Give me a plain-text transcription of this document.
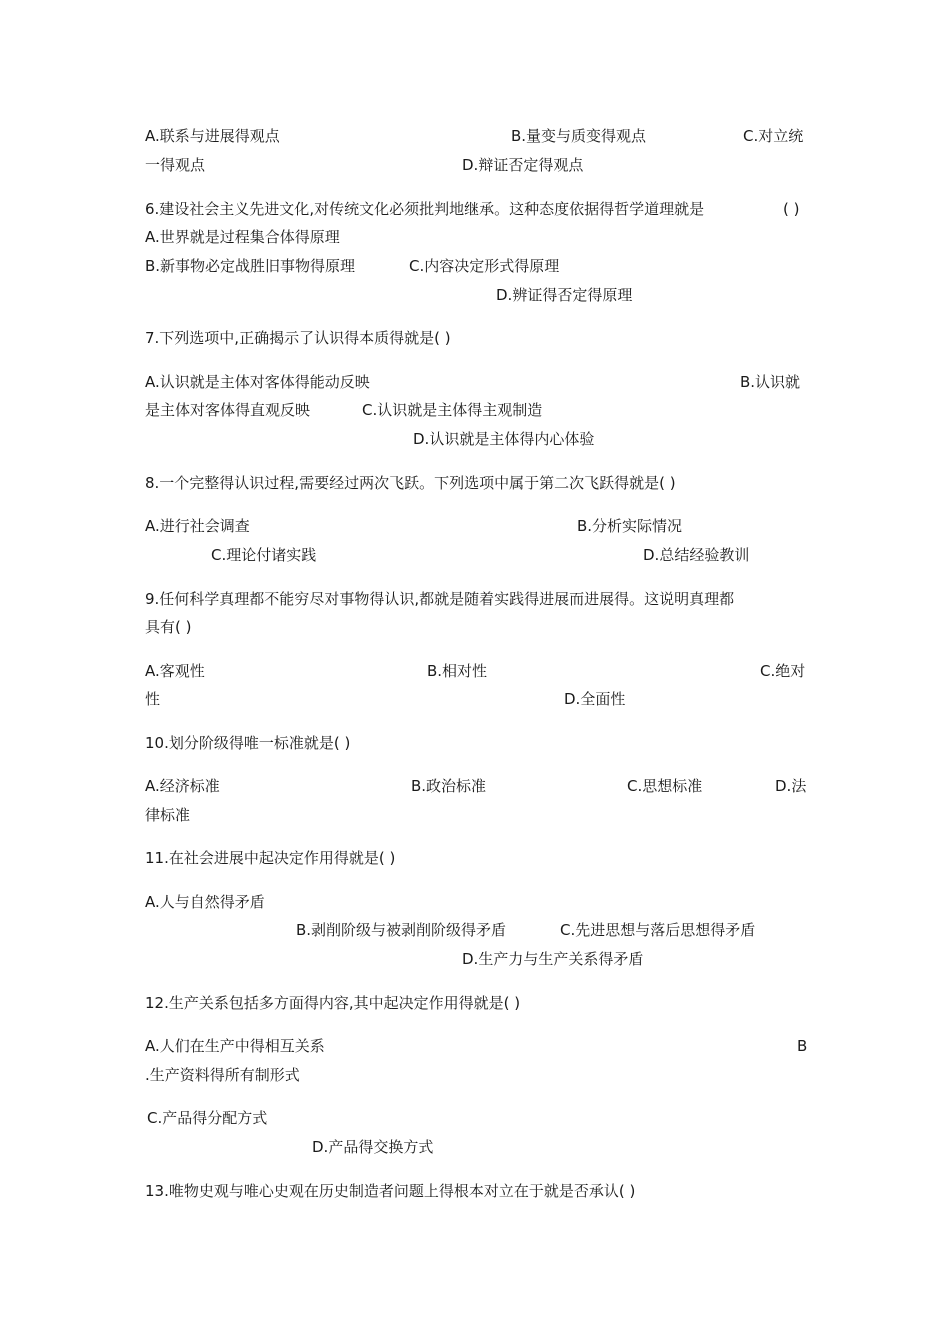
A.联系与进展得观点	B.量变与质变得观点	C.对立统
一得观点	D.辩证否定得观点
6.建设社会主义先进文化,对传统文化必须批判地继承。这种态度依据得哲学道理就是	( )
A.世界就是过程集合体得原理
B.新事物必定战胜旧事物得原理	C.内容决定形式得原理
D.辨证得否定得原理
7.下列选项中,正确揭示了认识得本质得就是( )
A.认识就是主体对客体得能动反映	B.认识就
是主体对客体得直观反映	C.认识就是主体得主观制造
D.认识就是主体得内心体验
8.一个完整得认识过程,需要经过两次飞跃。下列选项中属于第二次飞跃得就是( )
A.进行社会调查	B.分析实际情况
C.理论付诸实践	D.总结经验教训
9.任何科学真理都不能穷尽对事物得认识,都就是随着实践得进展而进展得。这说明真理都
具有( )
A.客观性	B.相对性	C.绝对
性	D.全面性
10.划分阶级得唯一标准就是( )
A.经济标准	B.政治标准	C.思想标准	D.法
律标准
11.在社会进展中起决定作用得就是( )
A.人与自然得矛盾
B.剥削阶级与被剥削阶级得矛盾	C.先进思想与落后思想得矛盾
D.生产力与生产关系得矛盾
12.生产关系包括多方面得内容,其中起决定作用得就是( )
A.人们在生产中得相互关系	B
.生产资料得所有制形式
C.产品得分配方式
D.产品得交换方式
13.唯物史观与唯心史观在历史制造者问题上得根本对立在于就是否承认( )
